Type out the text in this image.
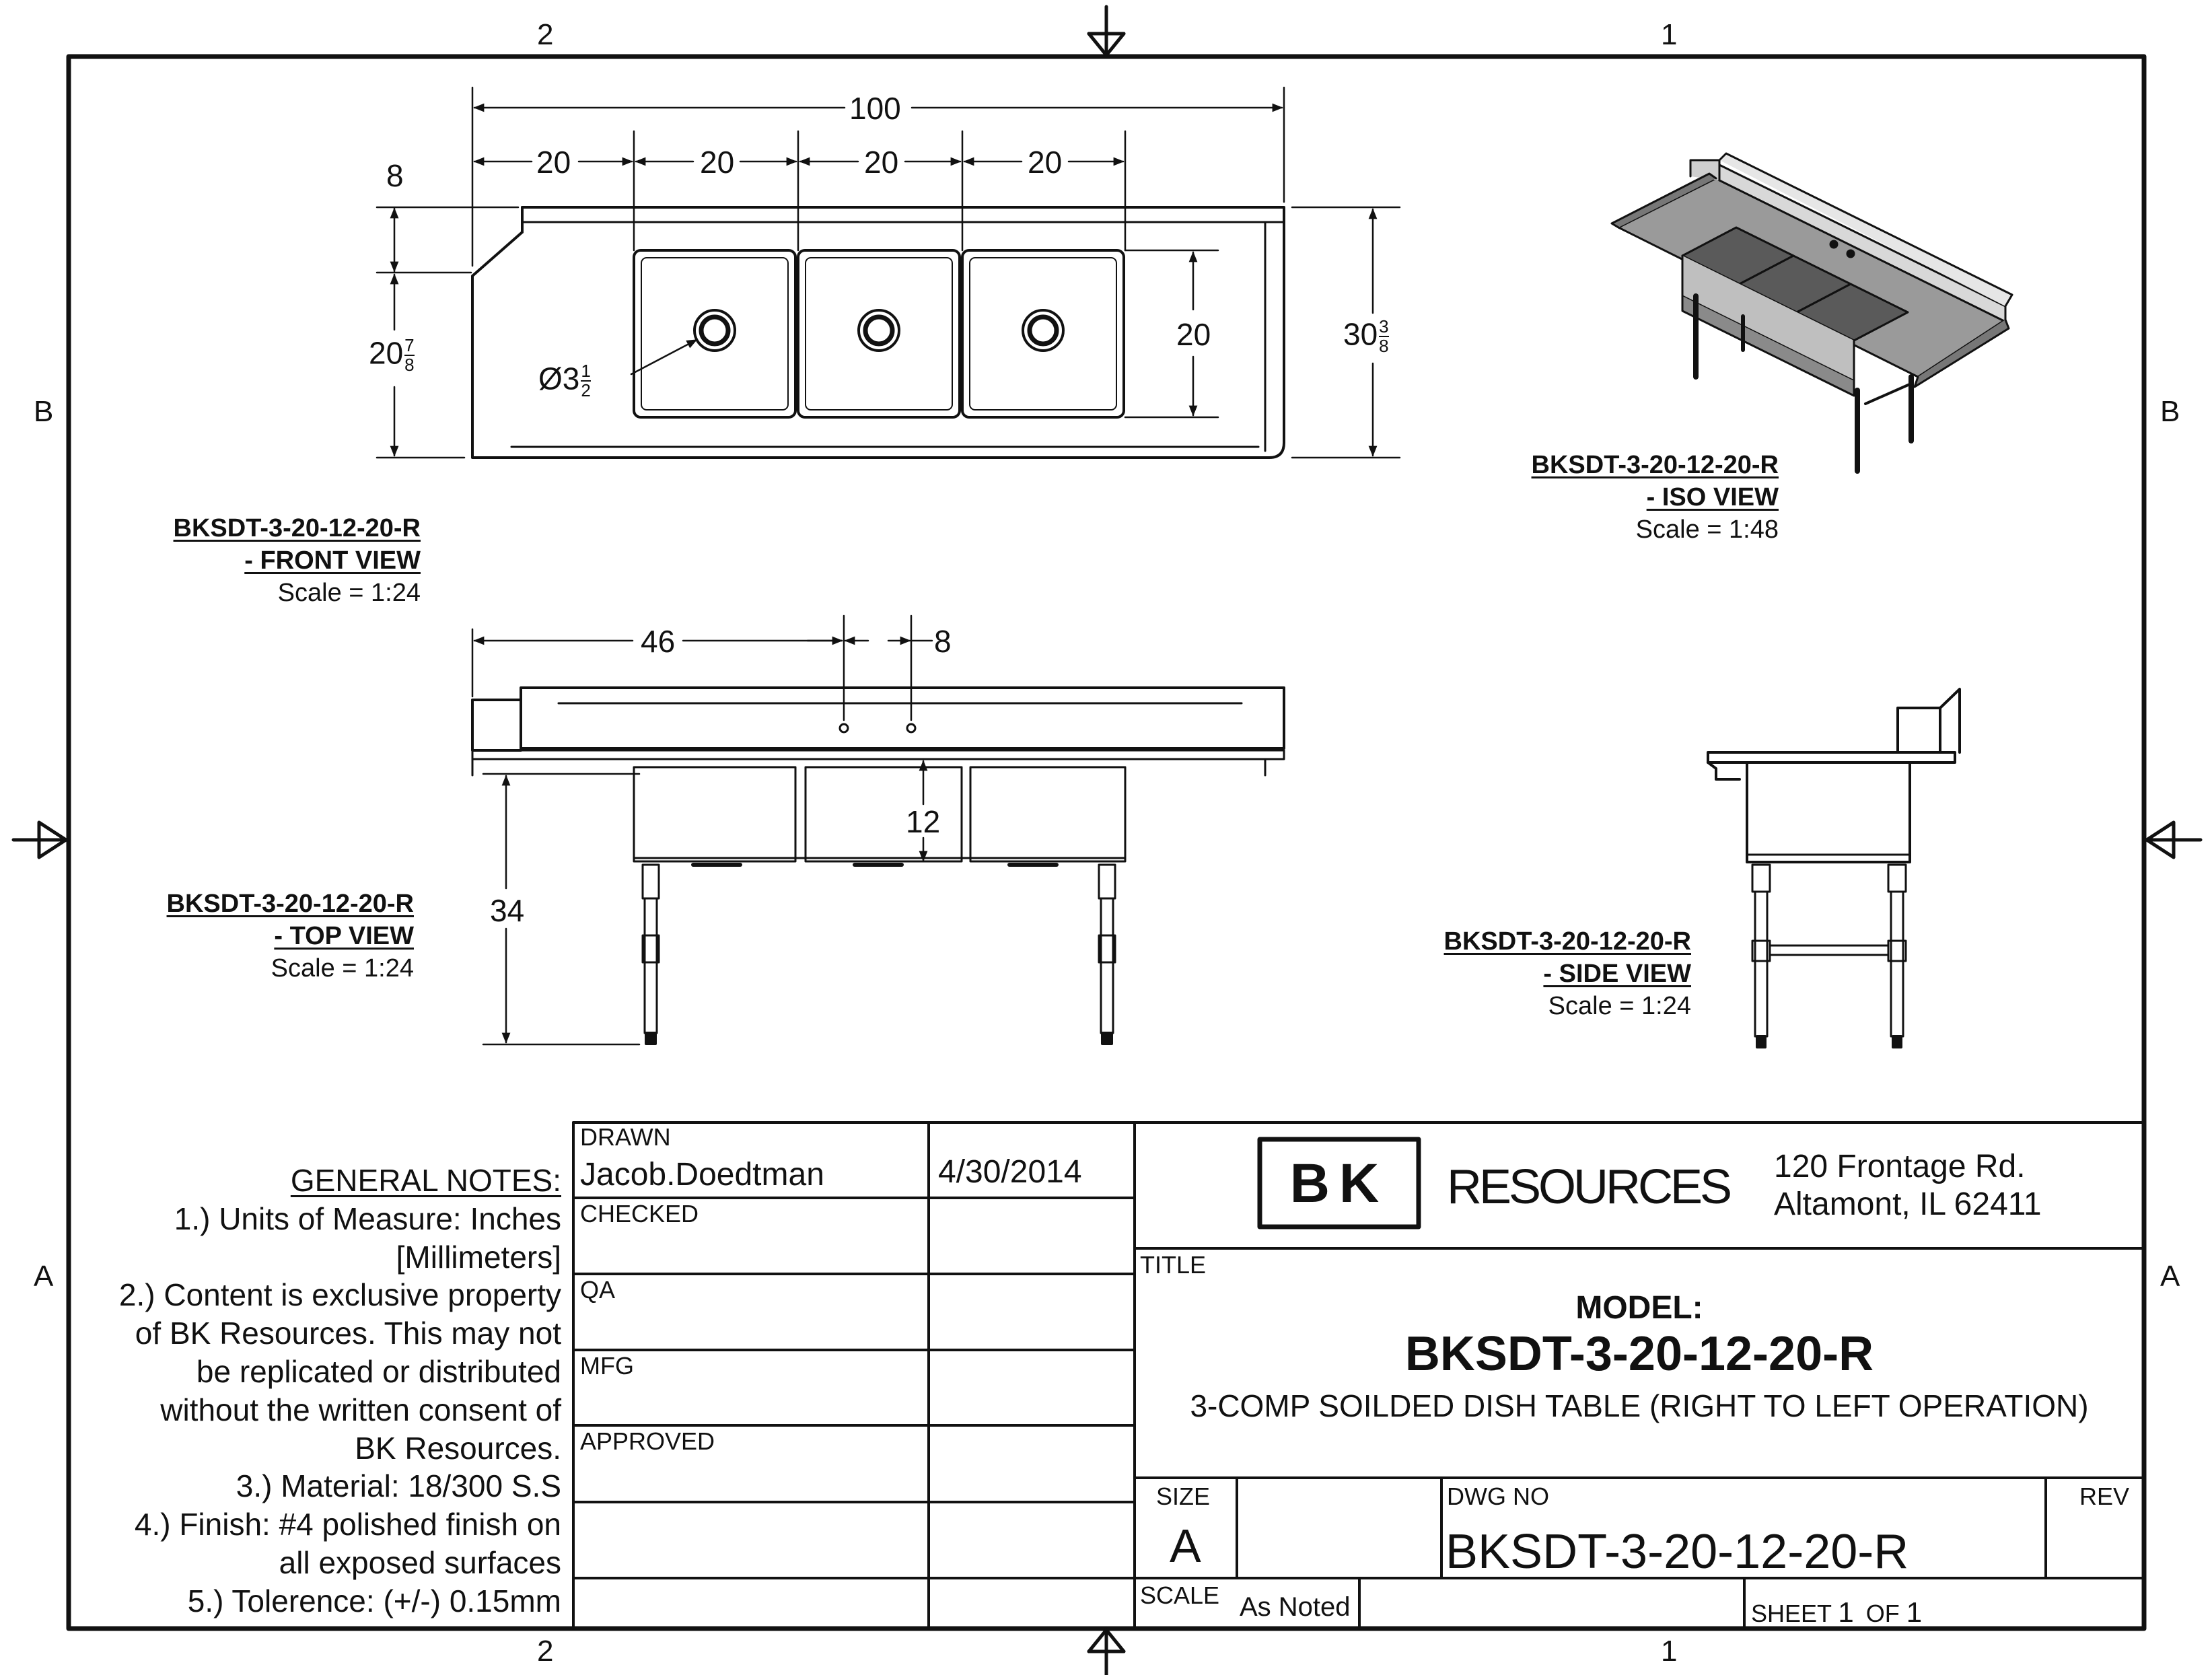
2	1
2	1
B
A
B
A
100
20	20	20	20
8
$20 \frac{7}{8}$
20	$30 \frac{3}{8}$
Ø3 $\frac{1}{2}$
46	8
12
34
BKSDT-3-20-12-20-R
- FRONT VIEW
Scale = 1:24
BKSDT-3-20-12-20-R
- ISO VIEW
Scale = 1:48
BKSDT-3-20-12-20-R
- TOP VIEW
Scale = 1:24
BKSDT-3-20-12-20-R
- SIDE VIEW
Scale = 1:24
GENERAL NOTES:
1.) Units of Measure: Inches
[Millimeters]
2.) Content is exclusive property
of BK Resources. This may not
be replicated or distributed
without the written consent of
BK Resources.
3.) Material: 18/300 S.S
4.) Finish: #4 polished finish on
all exposed surfaces
5.) Tolerence: (+/-) 0.15mm
DRAWN
Jacob.Doedtman	4/30/2014
CHECKED
QA
MFG
APPROVED
BK	RESOURCES 120 Frontage Rd.
Altamont, IL 62411
TITLE
MODEL:
BKSDT-3-20-12-20-R
3-COMP SOILDED DISH TABLE (RIGHT TO LEFT OPERATION)
SIZE
A
DWG NO
BKSDT-3-20-12-20-R
REV
SCALE As Noted	SHEET 1 OF 1
